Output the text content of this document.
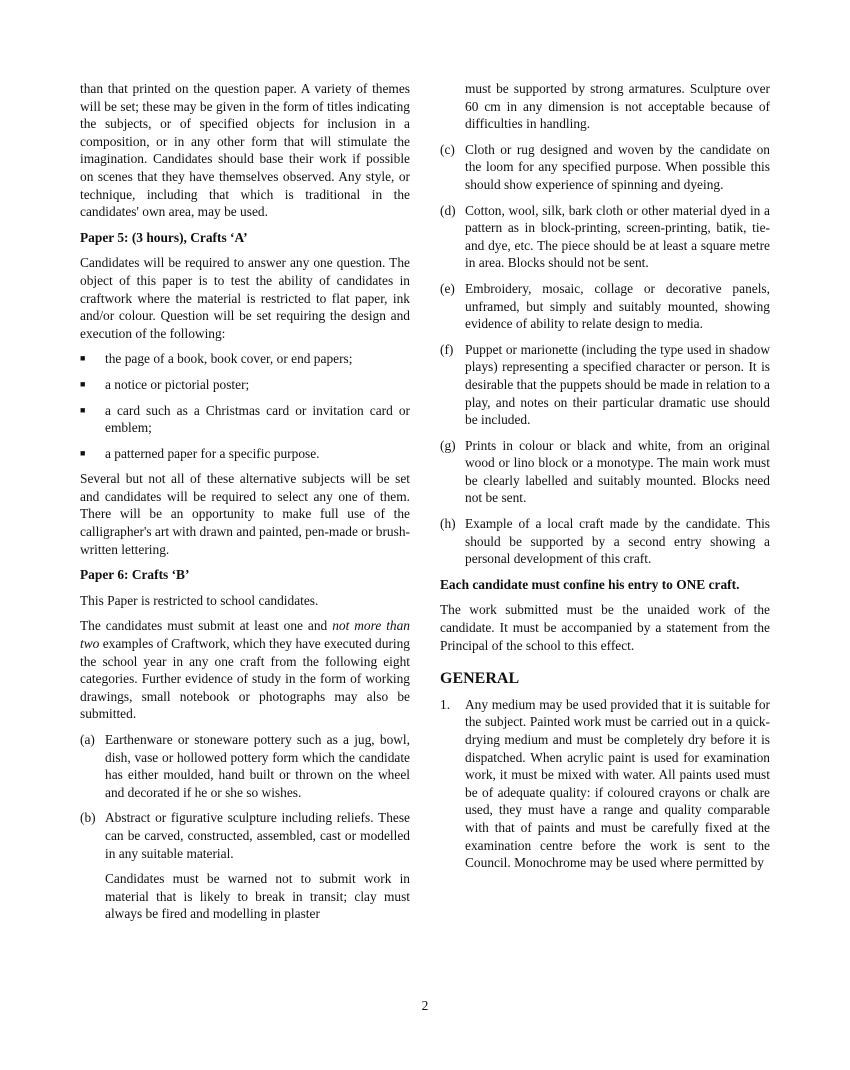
than that printed on the question paper. A variety of themes will be set; these may be given in the form of titles indicating the subjects, or of specified objects for inclusion in a composition, or in any other form that will stimulate the imagination. Candidates should base their work if possible on scenes that they have themselves observed. Any style, or technique, including that which is traditional in the candidates' own area, may be used.

Paper 5: (3 hours), Crafts ‘A’

Candidates will be required to answer any one question. The object of this paper is to test the ability of candidates in craftwork where the material is restricted to flat paper, ink and/or colour. Question will be set requiring the design and execution of the following:

■ the page of a book, book cover, or end papers;
■ a notice or pictorial poster;
■ a card such as a Christmas card or invitation card or emblem;
■ a patterned paper for a specific purpose.

Several but not all of these alternative subjects will be set and candidates will be required to select any one of them. There will be an opportunity to make full use of the calligrapher's art with drawn and painted, pen-made or brush-written lettering.

Paper 6: Crafts ‘B’

This Paper is restricted to school candidates.

The candidates must submit at least one and not more than two examples of Craftwork, which they have executed during the school year in any one craft from the following eight categories. Further evidence of study in the form of working drawings, small notebook or photographs may also be submitted.

(a) Earthenware or stoneware pottery such as a jug, bowl, dish, vase or hollowed pottery form which the candidate has either moulded, hand built or thrown on the wheel and decorated if he or she so wishes.
(b) Abstract or figurative sculpture including reliefs. These can be carved, constructed, assembled, cast or modelled in any suitable material.
Candidates must be warned not to submit work in material that is likely to break in transit; clay must always be fired and modelling in plaster
must be supported by strong armatures. Sculpture over 60 cm in any dimension is not acceptable because of difficulties in handling.
(c) Cloth or rug designed and woven by the candidate on the loom for any specified purpose. When possible this should show experience of spinning and dyeing.
(d) Cotton, wool, silk, bark cloth or other material dyed in a pattern as in block-printing, screen-printing, batik, tie-and dye, etc. The piece should be at least a square metre in area. Blocks should not be sent.
(e) Embroidery, mosaic, collage or decorative panels, unframed, but simply and suitably mounted, showing evidence of ability to relate design to media.
(f) Puppet or marionette (including the type used in shadow plays) representing a specified character or person. It is desirable that the puppets should be made in relation to a play, and notes on their particular dramatic use should be included.
(g) Prints in colour or black and white, from an original wood or lino block or a monotype. The main work must be clearly labelled and suitably mounted. Blocks need not be sent.
(h) Example of a local craft made by the candidate. This should be supported by a second entry showing a personal development of this craft.

Each candidate must confine his entry to ONE craft.

The work submitted must be the unaided work of the candidate. It must be accompanied by a statement from the Principal of the school to this effect.

GENERAL
1. Any medium may be used provided that it is suitable for the subject. Painted work must be carried out in a quick-drying medium and must be completely dry before it is dispatched. When acrylic paint is used for examination work, it must be mixed with water. All paints used must be of adequate quality: if coloured crayons or chalk are used, they must have a range and quality comparable with that of paints and must be carefully fixed at the examination centre before the work is sent to the Council. Monochrome may be used where permitted by
2
